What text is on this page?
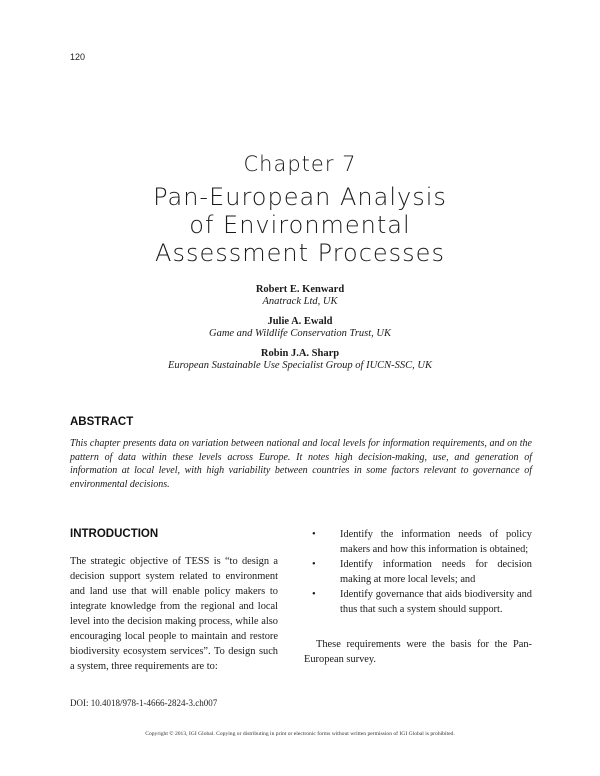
120
Chapter 7
Pan-European Analysis
of Environmental
Assessment Processes
Robert E. Kenward
Anatrack Ltd, UK
Julie A. Ewald
Game and Wildlife Conservation Trust, UK
Robin J.A. Sharp
European Sustainable Use Specialist Group of IUCN-SSC, UK
ABSTRACT
This chapter presents data on variation between national and local levels for information requirements, and on the pattern of data within these levels across Europe. It notes high decision-making, use, and generation of information at local level, with high variability between countries in some factors relevant to governance of environmental decisions.
INTRODUCTION
The strategic objective of TESS is “to design a decision support system related to environment and land use that will enable policy makers to integrate knowledge from the regional and local level into the decision making process, while also encouraging local people to maintain and restore biodiversity ecosystem services”. To design such a system, three requirements are to:
• Identify the information needs of policy makers and how this information is obtained;
• Identify information needs for decision making at more local levels; and
• Identify governance that aids biodiversity and thus that such a system should support.
These requirements were the basis for the Pan-European survey.
DOI: 10.4018/978-1-4666-2824-3.ch007
Copyright © 2013, IGI Global. Copying or distributing in print or electronic forms without written permission of IGI Global is prohibited.
